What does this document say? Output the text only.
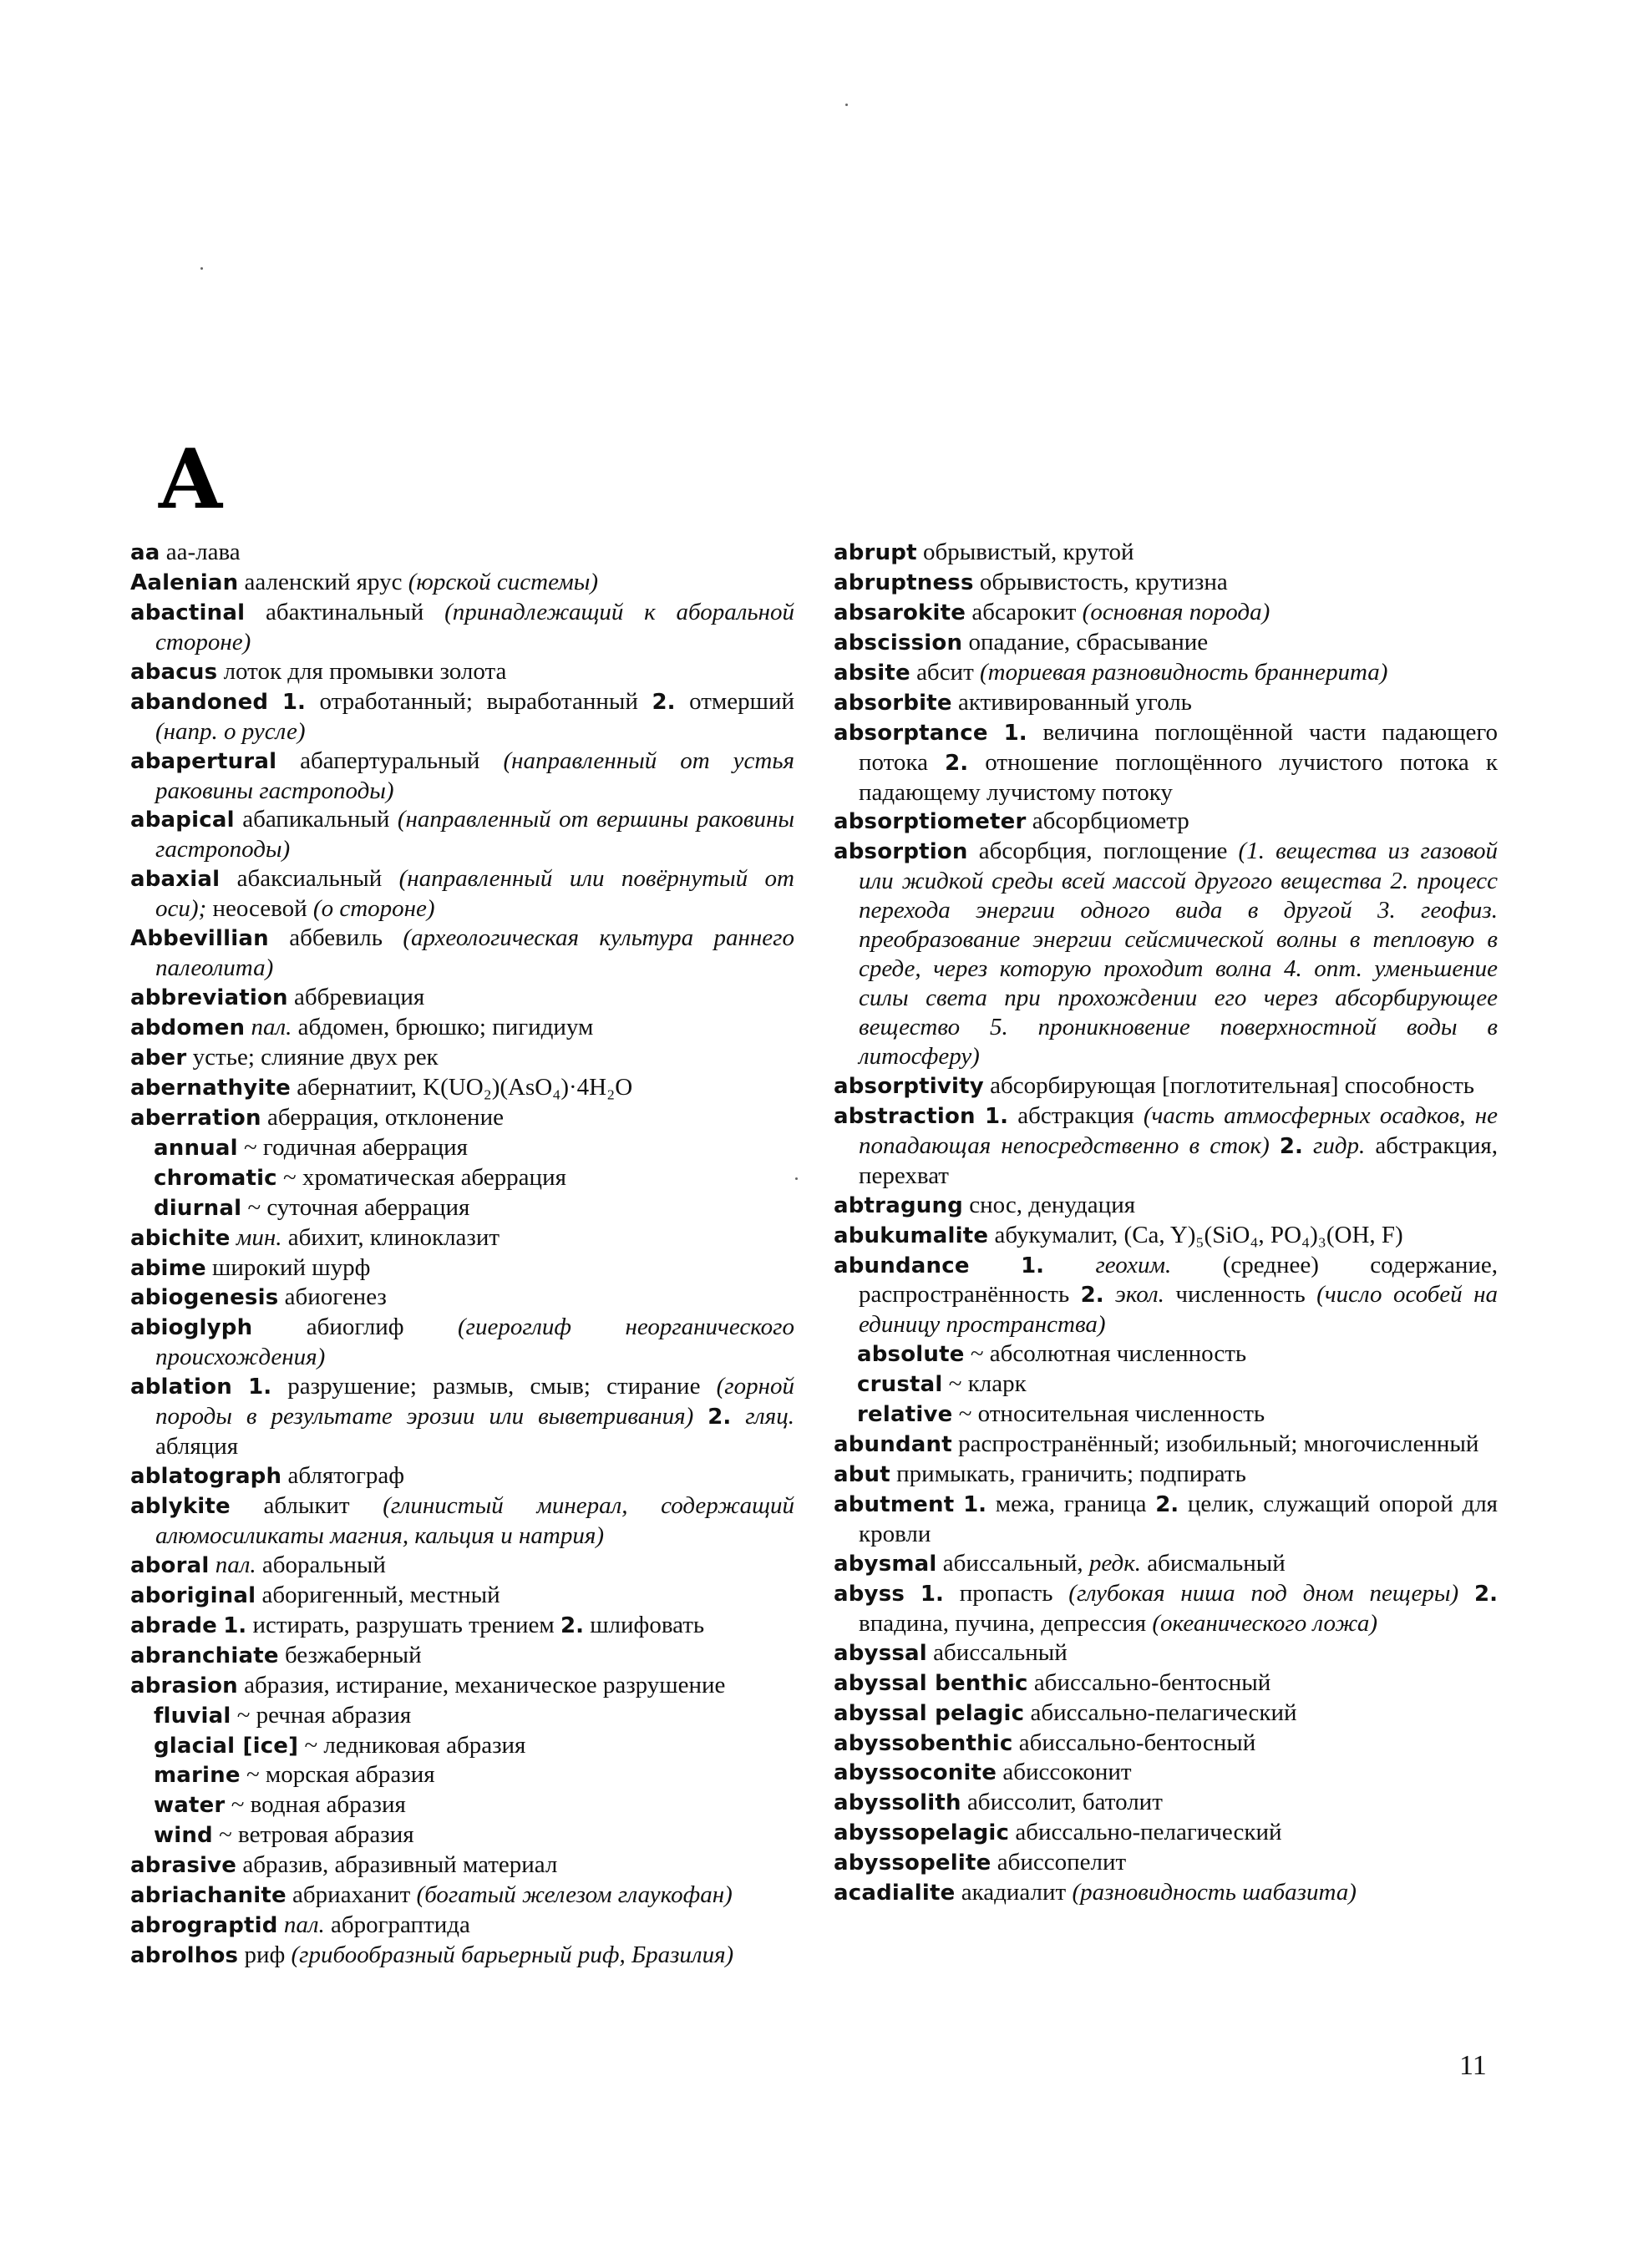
A

aa аа-лава

Aalenian ааленский ярус (юрской системы)

abactinal абактинальный (принадлежащий к аборальной стороне)

abacus лоток для промывки золота

abandoned 1. отработанный; выработанный 2. отмерший (напр. о русле)

abapertural абапертуральный (направленный от устья раковины гастроподы)

abapical абапикальный (направленный от вершины раковины гастроподы)

abaxial абаксиальный (направленный или повёрнутый от оси); неосевой (о стороне)

Abbevillian аббевиль (археологическая культура раннего палеолита)

abbreviation аббревиация

abdomen пал. абдомен, брюшко; пигидиум

aber устье; слияние двух рек

abernathyite абернатиит, K(UO₂)(AsO₄)·4H₂O

aberration аберрация, отклонение

annual ~ годичная аберрация

chromatic ~ хроматическая аберрация

diurnal ~ суточная аберрация

abichite мин. абихит, клиноклазит

abime широкий шурф

abiogenesis абиогенез

abioglyph абиоглиф (гиероглиф неорганического происхождения)

ablation 1. разрушение; размыв, смыв; стирание (горной породы в результате эрозии или выветривания) 2. гляц. абляция

ablatograph аблятограф

ablykite аблыкит (глинистый минерал, содержащий алюмосиликаты магния, кальция и натрия)

aboral пал. аборальный

aboriginal аборигенный, местный

abrade 1. истирать, разрушать трением 2. шлифовать

abranchiate безжаберный

abrasion абразия, истирание, механическое разрушение

fluvial ~ речная абразия

glacial [ice] ~ ледниковая абразия

marine ~ морская абразия

water ~ водная абразия

wind ~ ветровая абразия

abrasive абразив, абразивный материал

abriachanite абриаханит (богатый железом глаукофан)

abrograptid пал. аброграптида

abrolhos риф (грибообразный барьерный риф, Бразилия)

abrupt обрывистый, крутой

abruptness обрывистость, крутизна

absarokite абсарокит (основная порода)

abscission опадание, сбрасывание

absite абсит (ториевая разновидность браннерита)

absorbite активированный уголь

absorptance 1. величина поглощённой части падающего потока 2. отношение поглощённого лучистого потока к падающему лучистому потоку

absorptiometer абсорбциометр

absorption абсорбция, поглощение (1. вещества из газовой или жидкой среды всей массой другого вещества 2. процесс перехода энергии одного вида в другой 3. геофиз. преобразование энергии сейсмической волны в тепловую в среде, через которую проходит волна 4. опт. уменьшение силы света при прохождении его через абсорбирующее вещество 5. проникновение поверхностной воды в литосферу)

absorptivity абсорбирующая [поглотительная] способность

abstraction 1. абстракция (часть атмосферных осадков, не попадающая непосредственно в сток) 2. гидр. абстракция, перехват

abtragung снос, денудация

abukumalite абукумалит, (Ca, Y)₅(SiO₄, PO₄)₃(OH, F)

abundance 1. геохим. (среднее) содержание, распространённость 2. экол. численность (число особей на единицу пространства)

absolute ~ абсолютная численность

crustal ~ кларк

relative ~ относительная численность

abundant распространённый; изобильный; многочисленный

abut примыкать, граничить; подпирать

abutment 1. межа, граница 2. целик, служащий опорой для кровли

abysmal абиссальный, редк. абисмальный

abyss 1. пропасть (глубокая ниша под дном пещеры) 2. впадина, пучина, депрессия (океанического ложа)

abyssal абиссальный

abyssal benthic абиссально-бентосный

abyssal pelagic абиссально-пелагический

abyssobenthic абиссально-бентосный

abyssoconite абиссоконит

abyssolith абиссолит, батолит

abyssopelagic абиссально-пелагический

abyssopelite абиссопелит

acadialite акадиалит (разновидность шабазита)

11
